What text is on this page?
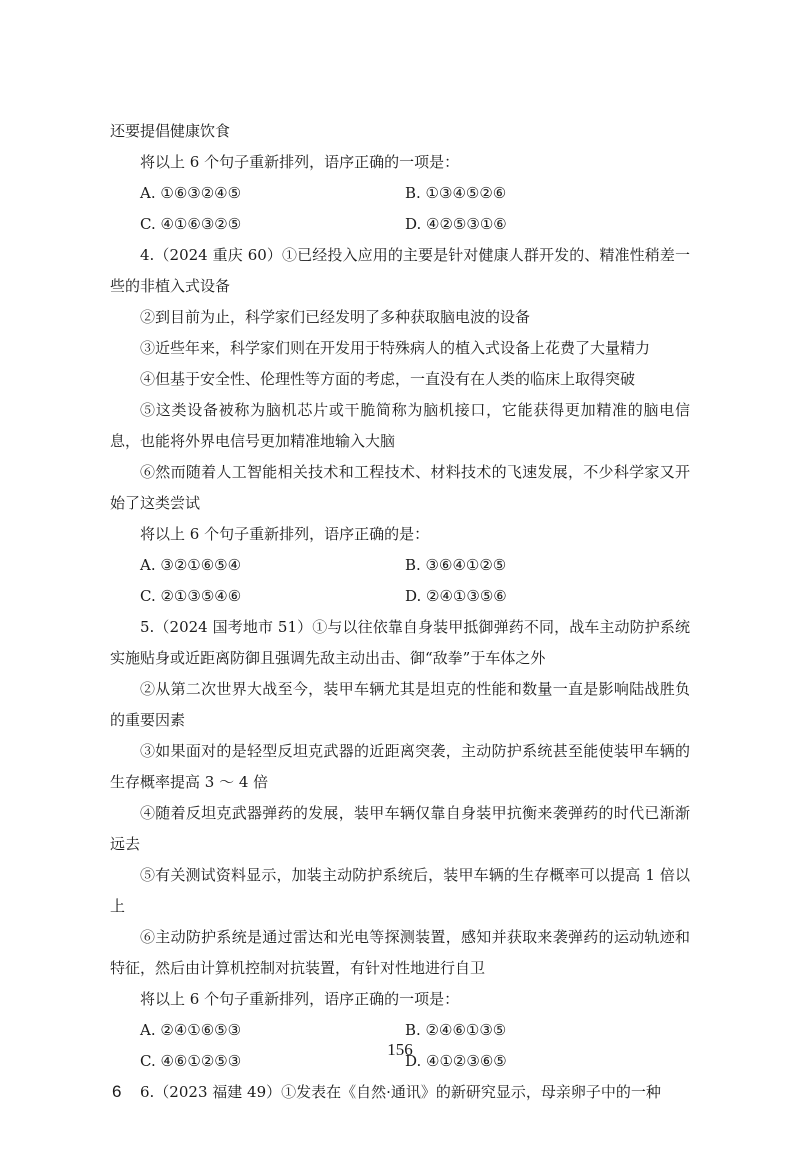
还要提倡健康饮食

将以上 6 个句子重新排列，语序正确的一项是：

A. ①⑥③②④⑤	B. ①③④⑤②⑥
C. ④①⑥③②⑤	D. ④②⑤③①⑥

4.（2024 重庆 60）①已经投入应用的主要是针对健康人群开发的、精准性稍差一些的非植入式设备

②到目前为止，科学家们已经发明了多种获取脑电波的设备

③近些年来，科学家们则在开发用于特殊病人的植入式设备上花费了大量精力

④但基于安全性、伦理性等方面的考虑，一直没有在人类的临床上取得突破

⑤这类设备被称为脑机芯片或干脆简称为脑机接口，它能获得更加精准的脑电信息，也能将外界电信号更加精准地输入大脑

⑥然而随着人工智能相关技术和工程技术、材料技术的飞速发展，不少科学家又开始了这类尝试

将以上 6 个句子重新排列，语序正确的是：

A. ③②①⑥⑤④	B. ③⑥④①②⑤
C. ②①③⑤④⑥	D. ②④①③⑤⑥

5.（2024 国考地市 51）①与以往依靠自身装甲抵御弹药不同，战车主动防护系统实施贴身或近距离防御且强调先敌主动出击、御“敌拳”于车体之外

②从第二次世界大战至今，装甲车辆尤其是坦克的性能和数量一直是影响陆战胜负的重要因素

③如果面对的是轻型反坦克武器的近距离突袭，主动防护系统甚至能使装甲车辆的生存概率提高 3 ～ 4 倍

④随着反坦克武器弹药的发展，装甲车辆仅靠自身装甲抗衡来袭弹药的时代已渐渐远去

⑤有关测试资料显示，加装主动防护系统后，装甲车辆的生存概率可以提高 1 倍以上

⑥主动防护系统是通过雷达和光电等探测装置，感知并获取来袭弹药的运动轨迹和特征，然后由计算机控制对抗装置，有针对性地进行自卫

将以上 6 个句子重新排列，语序正确的一项是：

A. ②④①⑥⑤③	B. ②④⑥①③⑤
C. ④⑥①②⑤③	D. ④①②③⑥⑤

6.（2023 福建 49）①发表在《自然·通讯》的新研究显示，母亲卵子中的一种

156
6
